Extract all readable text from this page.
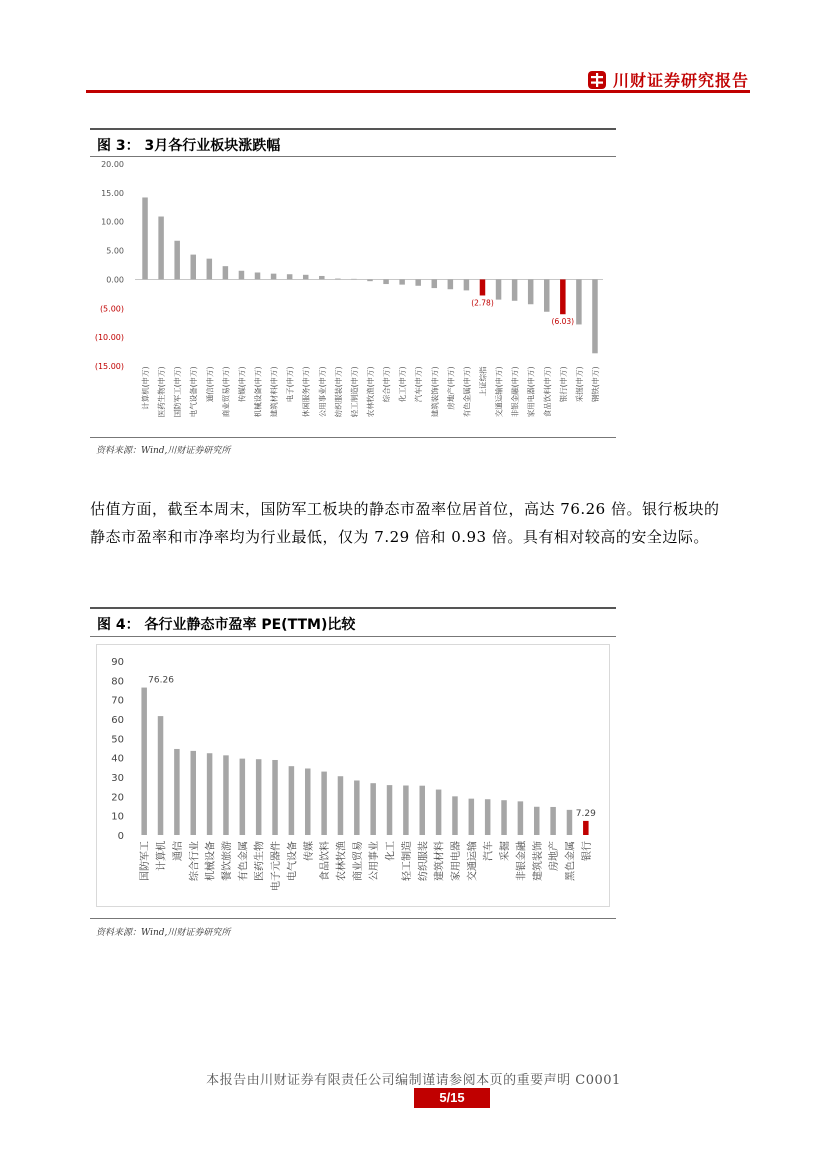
川财证券研究报告
图 3： 3月各行业板块涨跌幅
20.00
15.00
10.00
5.00
0.00
(5.00)
(10.00)
(15.00) 计算机(申万) 医药生物(申万) 国防军工(申万) 电气设备(申万) 通信(申万) 商业贸易(申万) 传媒(申万) 机械设备(申万) 建筑材料(申万) 电子(申万) 休闲服务(申万) 公用事业(申万) 纺织服装(申万) 轻工制造(申万) 农林牧渔(申万) 综合(申万) 化工(申万) 汽车(申万) 建筑装饰(申万) 房地产(申万) 有色金属(申万)
(2.78)
上证综指 交通运输(申万) 非银金融(申万) 家用电器(申万) 食品饮料(申万)
(6.03)
银行(申万) 采掘(申万) 钢铁(申万)
资料来源：Wind,川财证券研究所

估值方面，截至本周末，国防军工板块的静态市盈率位居首位，高达 76.26 倍。银行板块的

静态市盈率和市净率均为行业最低，仅为 7.29 倍和 0.93 倍。具有相对较高的安全边际。

图 4： 各行业静态市盈率 PE(TTM)比较
90
80
70
60
50
40
30
20
10
0
76.26
国防军工 计算机 通信 综合行业 机械设备 餐饮旅游 有色金属 医药生物 电子元器件 电气设备 传媒 食品饮料 农林牧渔 商业贸易 公用事业 化工 轻工制造 纺织服装 建筑材料 家用电器 交通运输 汽车 采掘 非银金融 建筑装饰 房地产 黑色金属
7.29
银行
资料来源：Wind,川财证券研究所
本报告由川财证券有限责任公司编制谨请参阅本页的重要声明 C0001
5/15
